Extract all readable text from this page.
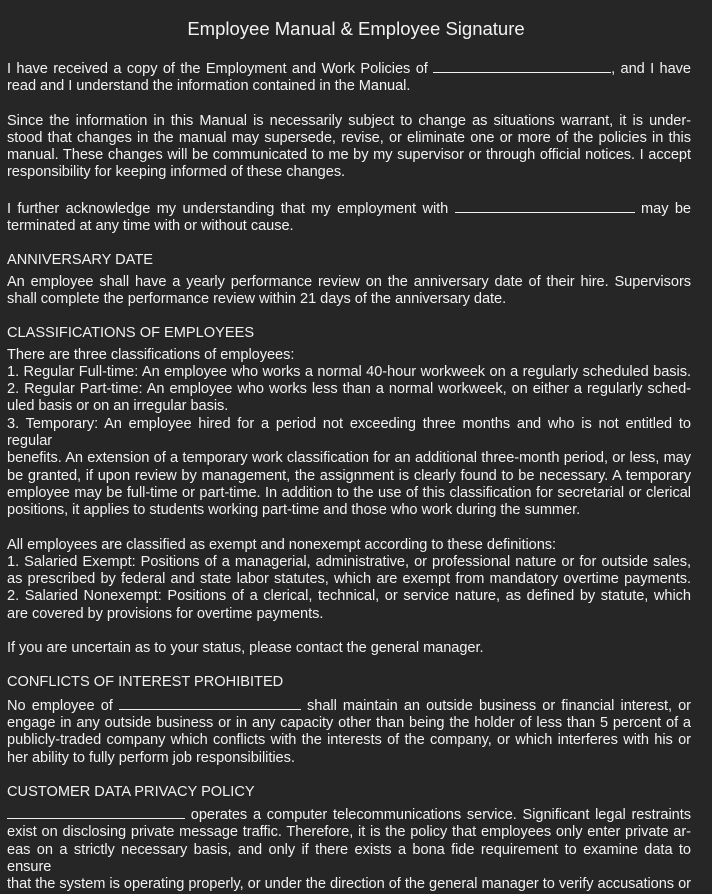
Employee Manual & Employee Signature
I have received a copy of the Employment and Work Policies of	, and I have
read and I understand the information contained in the Manual.
Since the information in this Manual is necessarily subject to change as situations warrant, it is under-
stood that changes in the manual may supersede, revise, or eliminate one or more of the policies in this
manual. These changes will be communicated to me by my supervisor or through official notices. I accept
responsibility for keeping informed of these changes.
I further acknowledge my understanding that my employment with	may be
terminated at any time with or without cause.
ANNIVERSARY DATE
An employee shall have a yearly performance review on the anniversary date of their hire. Supervisors
shall complete the performance review within 21 days of the anniversary date.
CLASSIFICATIONS OF EMPLOYEES
There are three classifications of employees:
1. Regular Full-time: An employee who works a normal 40-hour workweek on a regularly scheduled basis.
2. Regular Part-time: An employee who works less than a normal workweek, on either a regularly sched-
uled basis or on an irregular basis.
3. Temporary: An employee hired for a period not exceeding three months and who is not entitled to regular
benefits. An extension of a temporary work classification for an additional three-month period, or less, may
be granted, if upon review by management, the assignment is clearly found to be necessary. A temporary
employee may be full-time or part-time. In addition to the use of this classification for secretarial or clerical
positions, it applies to students working part-time and those who work during the summer.
All employees are classified as exempt and nonexempt according to these definitions:
1. Salaried Exempt: Positions of a managerial, administrative, or professional nature or for outside sales,
as prescribed by federal and state labor statutes, which are exempt from mandatory overtime payments.
2. Salaried Nonexempt: Positions of a clerical, technical, or service nature, as defined by statute, which
are covered by provisions for overtime payments.
If you are uncertain as to your status, please contact the general manager.
CONFLICTS OF INTEREST PROHIBITED
No employee of	shall maintain an outside business or financial interest, or
engage in any outside business or in any capacity other than being the holder of less than 5 percent of a
publicly-traded company which conflicts with the interests of the company, or which interferes with his or
her ability to fully perform job responsibilities.
CUSTOMER DATA PRIVACY POLICY
operates a computer telecommunications service. Significant legal restraints
exist on disclosing private message traffic. Therefore, it is the policy that employees only enter private ar-
eas on a strictly necessary basis, and only if there exists a bona fide requirement to examine data to ensure
that the system is operating properly, or under the direction of the general manager to verify accusations or
